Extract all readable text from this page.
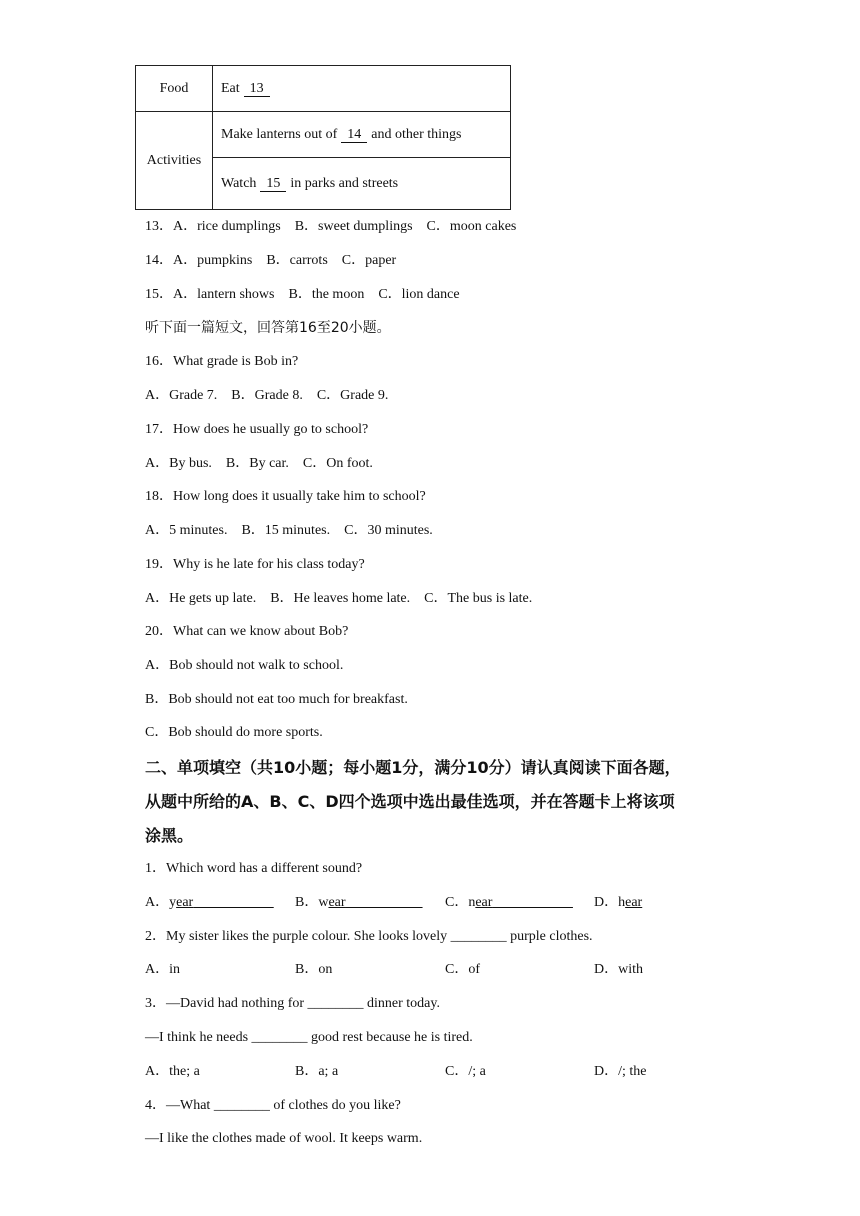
Food	Eat 13
Activities	Make lanterns out of 14 and other things
	Watch 15 in parks and streets
13．A．rice dumplings　B．sweet dumplings　C．moon cakes
14．A．pumpkins　B．carrots　C．paper
15．A．lantern shows　B．the moon　C．lion dance
听下面一篇短文，回答第16至20小题。
16．What grade is Bob in?
A．Grade 7.　B．Grade 8.　C．Grade 9.
17．How does he usually go to school?
A．By bus.　B．By car.　C．On foot.
18．How long does it usually take him to school?
A．5 minutes.　B．15 minutes.　C．30 minutes.
19．Why is he late for his class today?
A．He gets up late.　B．He leaves home late.　C．The bus is late.
20．What can we know about Bob?
A．Bob should not walk to school.
B．Bob should not eat too much for breakfast.
C．Bob should do more sports.
二、单项填空（共10小题；每小题1分，满分10分）请认真阅读下面各题，
从题中所给的A、B、C、D四个选项中选出最佳选项，并在答题卡上将该项
涂黑。
1．Which word has a different sound?
A．year	B．wear	C．near	D．hear
2．My sister likes the purple colour. She looks lovely ________ purple clothes.
A．in	B．on	C．of	D．with
3．—David had nothing for ________ dinner today.
—I think he needs ________ good rest because he is tired.
A．the; a	B．a; a	C．/; a	D．/; the
4．—What ________ of clothes do you like?
—I like the clothes made of wool. It keeps warm.
